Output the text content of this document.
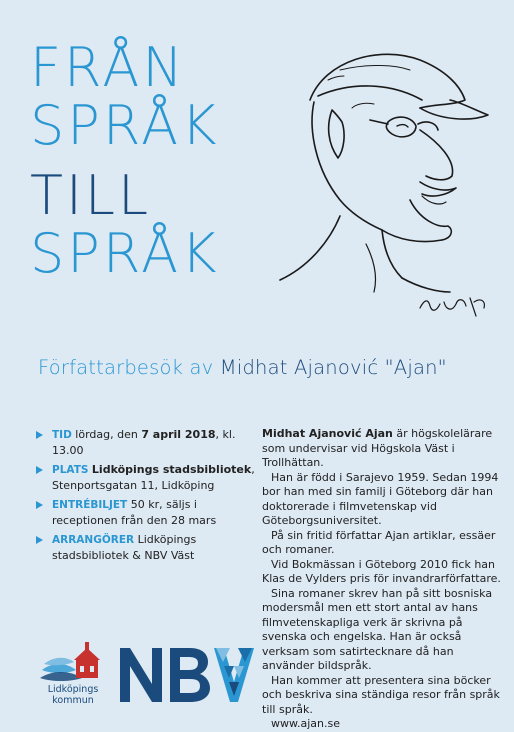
FRÅN
SPRÅK
TILL
SPRÅK
Författarbesök av Midhat Ajanović "Ajan"
TID lördag, den 7 april 2018, kl. 13.00
PLATS Lidköpings stadsbibliotek, Stenportsgatan 11, Lidköping
ENTRÉBILJET 50 kr, säljs i receptionen från den 28 mars
ARRANGÖRER Lidköpings stadsbibliotek & NBV Väst

Midhat Ajanović Ajan är högskolelärare som undervisar vid Högskola Väst i Trollhättan.

Han är född i Sarajevo 1959. Sedan 1994 bor han med sin familj i Göteborg där han doktorerade i filmvetenskap vid Göteborgsuniversitet.

På sin fritid författar Ajan artiklar, essäer och romaner.

Vid Bokmässan i Göteborg 2010 fick han Klas de Vylders pris för invandrarförfattare.

Sina romaner skrev han på sitt bosniska modersmål men ett stort antal av hans filmvetenskapliga verk är skrivna på svenska och engelska. Han är också verksam som satirtecknare då han använder bildspråk.

Han kommer att presentera sina böcker och beskriva sina ständiga resor från språk till språk.

www.ajan.se

Lidköpings kommun
